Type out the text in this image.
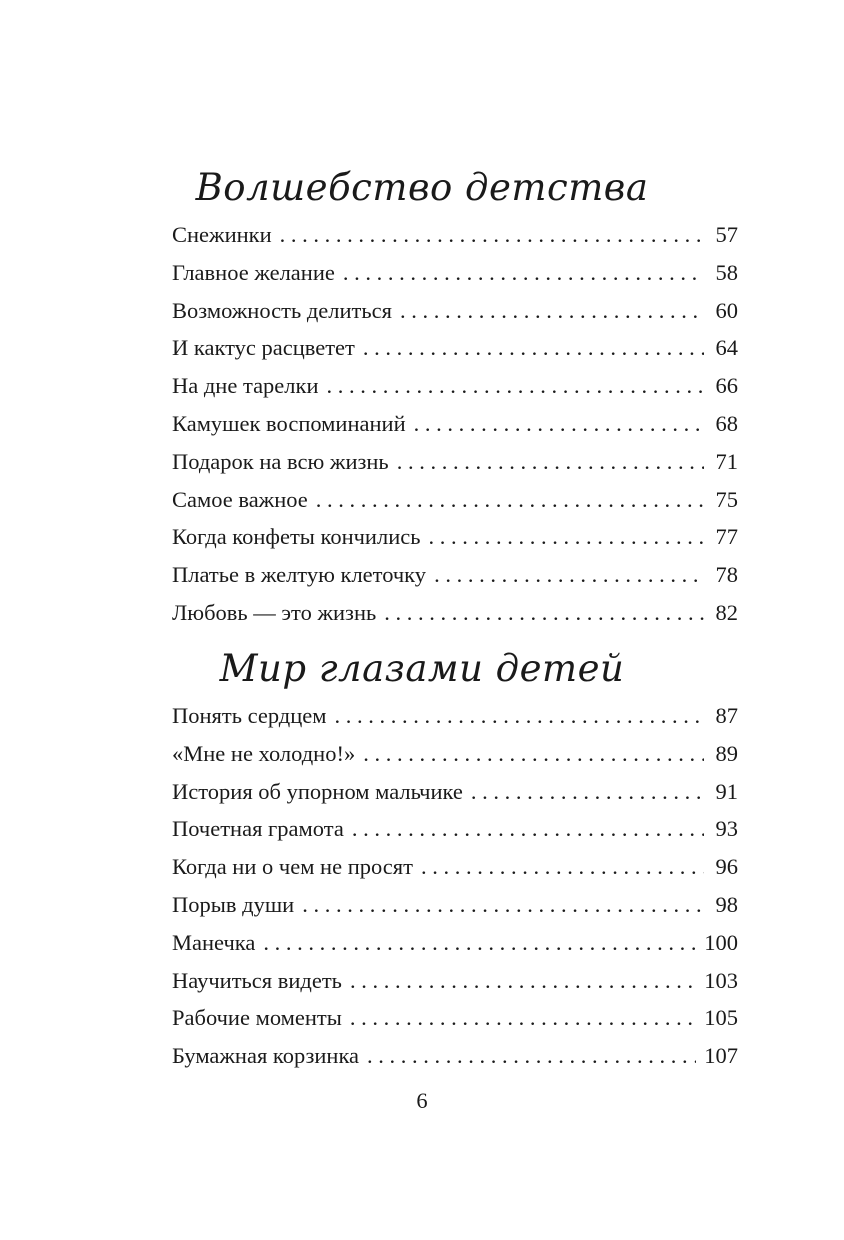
Волшебство детства
Снежинки . . .	57
Главное желание . . .	58
Возможность делиться . . .	60
И кактус расцветет . . .	64
На дне тарелки . . .	66
Камушек воспоминаний . . .	68
Подарок на всю жизнь . . .	71
Самое важное . . .	75
Когда конфеты кончились . . .	77
Платье в желтую клеточку . . .	78
Любовь — это жизнь . . .	82
Мир глазами детей
Понять сердцем . . .	87
«Мне не холодно!» . . .	89
История об упорном мальчике . . .	91
Почетная грамота . . .	93
Когда ни о чем не просят . . .	96
Порыв души . . .	98
Манечка . . .	100
Научиться видеть . . .	103
Рабочие моменты . . .	105
Бумажная корзинка . . .	107
6
